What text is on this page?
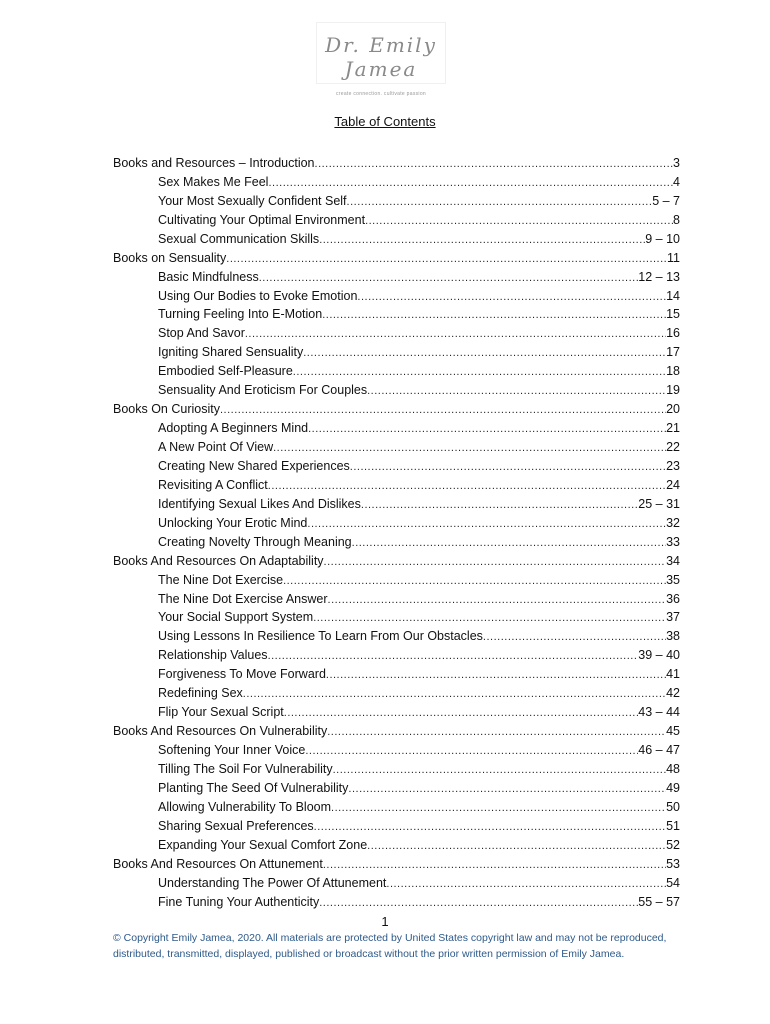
Dr. Emily Jamea
create connection. cultivate passion
Table of Contents
Books and Resources – Introduction .....	3
Sex Makes Me Feel .....	4
Your Most Sexually Confident Self .....	5 – 7
Cultivating Your Optimal Environment .....	8
Sexual Communication Skills .....	9 – 10
Books on Sensuality .....	11
Basic Mindfulness .....	12 – 13
Using Our Bodies to Evoke Emotion .....	14
Turning Feeling Into E-Motion .....	15
Stop And Savor .....	16
Igniting Shared Sensuality .....	17
Embodied Self-Pleasure .....	18
Sensuality And Eroticism For Couples .....	19
Books On Curiosity .....	20
Adopting A Beginners Mind .....	21
A New Point Of View .....	22
Creating New Shared Experiences .....	23
Revisiting A Conflict .....	24
Identifying Sexual Likes And Dislikes .....	25 – 31
Unlocking Your Erotic Mind .....	32
Creating Novelty Through Meaning .....	33
Books And Resources On Adaptability .....	34
The Nine Dot Exercise .....	35
The Nine Dot Exercise Answer .....	36
Your Social Support System .....	37
Using Lessons In Resilience To Learn From Our Obstacles .....	38
Relationship Values .....	39 – 40
Forgiveness To Move Forward .....	41
Redefining Sex .....	42
Flip Your Sexual Script .....	43 – 44
Books And Resources On Vulnerability .....	45
Softening Your Inner Voice .....	46 – 47
Tilling The Soil For Vulnerability .....	48
Planting The Seed Of Vulnerability .....	49
Allowing Vulnerability To Bloom .....	50
Sharing Sexual Preferences .....	51
Expanding Your Sexual Comfort Zone .....	52
Books And Resources On Attunement .....	53
Understanding The Power Of Attunement .....	54
Fine Tuning Your Authenticity .....	55 – 57
1
© Copyright Emily Jamea, 2020. All materials are protected by United States copyright law and may not be reproduced, distributed, transmitted, displayed, published or broadcast without the prior written permission of Emily Jamea.
